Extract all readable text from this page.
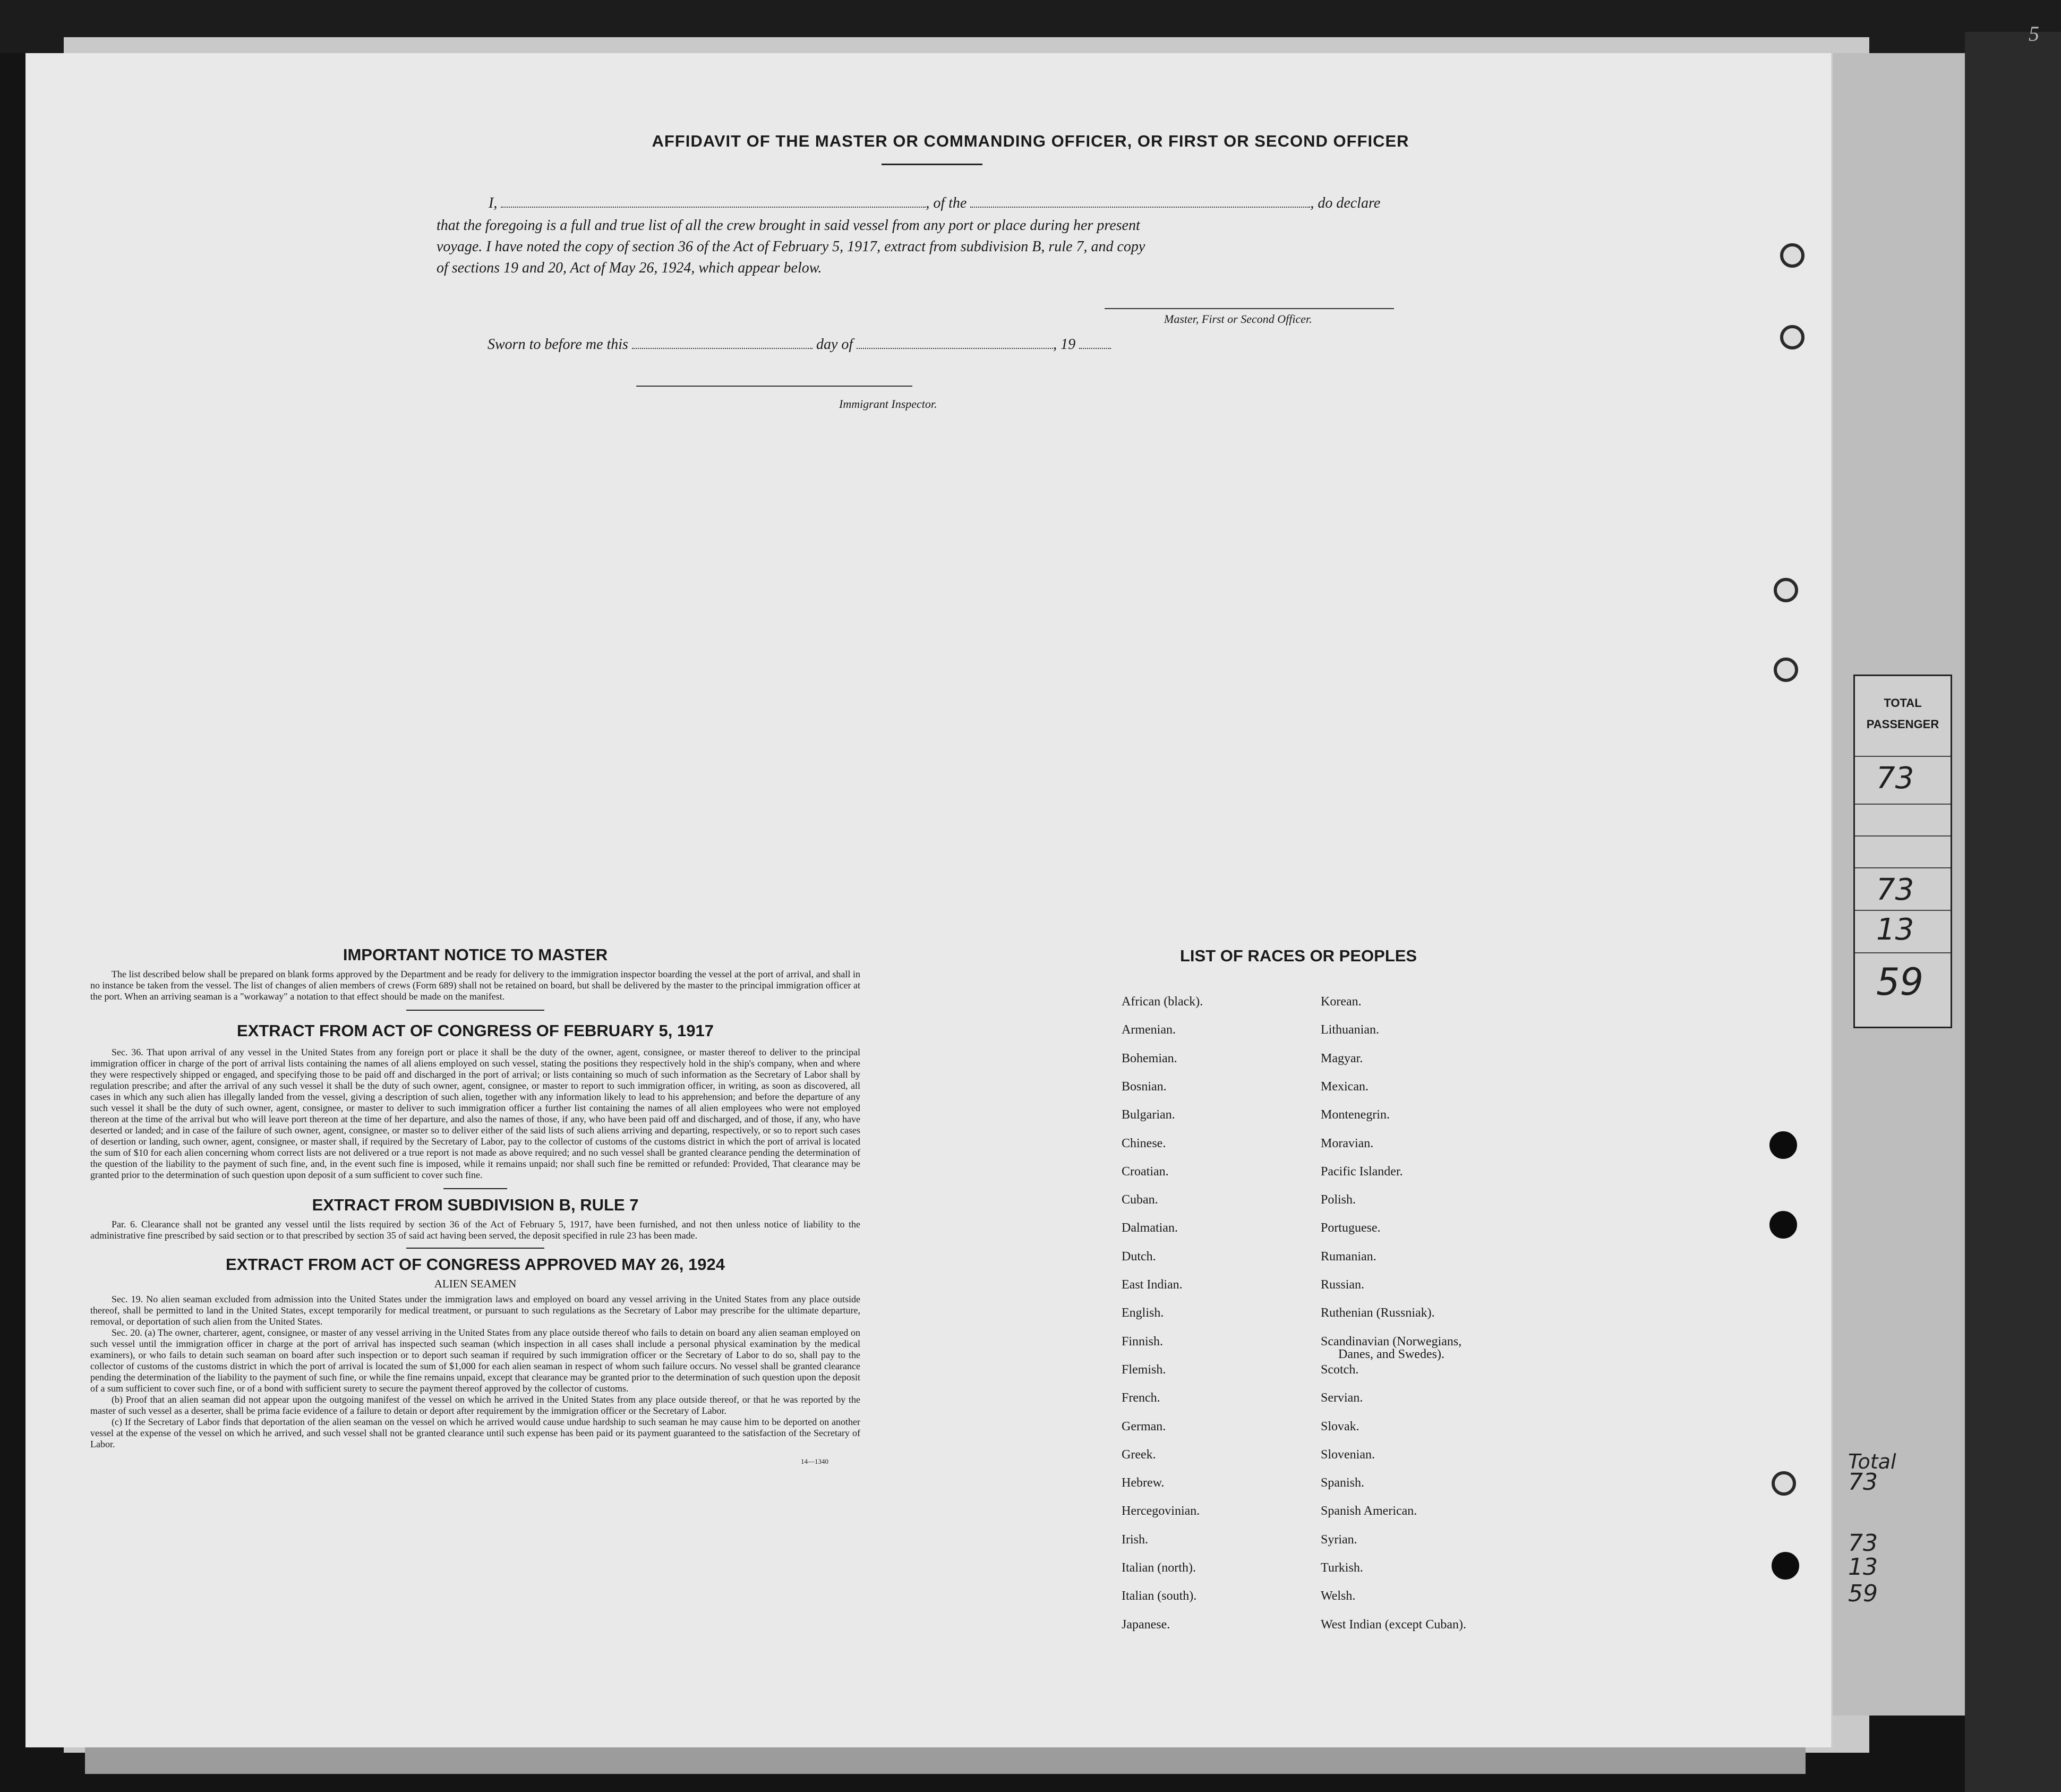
5
TOTAL
PASSENGER
73
73
13
59
Total
73
73
13
59
AFFIDAVIT OF THE MASTER OR COMMANDING OFFICER, OR FIRST OR SECOND OFFICER
I,	, of the	, do declare
that the foregoing is a full and true list of all the crew brought in said vessel from any port or place during her present
voyage. I have noted the copy of section 36 of the Act of February 5, 1917, extract from subdivision B, rule 7, and copy
of sections 19 and 20, Act of May 26, 1924, which appear below.
Master, First or Second Officer.
Sworn to before me this	day of	, 19
Immigrant Inspector.
IMPORTANT NOTICE TO MASTER

The list described below shall be prepared on blank forms approved by the Department and be ready for delivery to the immigration inspector boarding the vessel at the port of arrival, and shall in no instance be taken from the vessel. The list of changes of alien members of crews (Form 689) shall not be retained on board, but shall be delivered by the master to the principal immigration officer at the port. When an arriving seaman is a "workaway" a notation to that effect should be made on the manifest.

EXTRACT FROM ACT OF CONGRESS OF FEBRUARY 5, 1917

Sec. 36. That upon arrival of any vessel in the United States from any foreign port or place it shall be the duty of the owner, agent, consignee, or master thereof to deliver to the principal immigration officer in charge of the port of arrival lists containing the names of all aliens employed on such vessel, stating the positions they respectively hold in the ship's company, when and where they were respectively shipped or engaged, and specifying those to be paid off and discharged in the port of arrival; or lists containing so much of such information as the Secretary of Labor shall by regulation prescribe; and after the arrival of any such vessel it shall be the duty of such owner, agent, consignee, or master to report to such immigration officer, in writing, as soon as discovered, all cases in which any such alien has illegally landed from the vessel, giving a description of such alien, together with any information likely to lead to his apprehension; and before the departure of any such vessel it shall be the duty of such owner, agent, consignee, or master to deliver to such immigration officer a further list containing the names of all alien employees who were not employed thereon at the time of the arrival but who will leave port thereon at the time of her departure, and also the names of those, if any, who have been paid off and discharged, and of those, if any, who have deserted or landed; and in case of the failure of such owner, agent, consignee, or master so to deliver either of the said lists of such aliens arriving and departing, respectively, or so to report such cases of desertion or landing, such owner, agent, consignee, or master shall, if required by the Secretary of Labor, pay to the collector of customs of the customs district in which the port of arrival is located the sum of $10 for each alien concerning whom correct lists are not delivered or a true report is not made as above required; and no such vessel shall be granted clearance pending the determination of the question of the liability to the payment of such fine, and, in the event such fine is imposed, while it remains unpaid; nor shall such fine be remitted or refunded: Provided, That clearance may be granted prior to the determination of such question upon deposit of a sum sufficient to cover such fine.

EXTRACT FROM SUBDIVISION B, RULE 7

Par. 6. Clearance shall not be granted any vessel until the lists required by section 36 of the Act of February 5, 1917, have been furnished, and not then unless notice of liability to the administrative fine prescribed by said section or to that prescribed by section 35 of said act having been served, the deposit specified in rule 23 has been made.

EXTRACT FROM ACT OF CONGRESS APPROVED MAY 26, 1924
ALIEN SEAMEN

Sec. 19. No alien seaman excluded from admission into the United States under the immigration laws and employed on board any vessel arriving in the United States from any place outside thereof, shall be permitted to land in the United States, except temporarily for medical treatment, or pursuant to such regulations as the Secretary of Labor may prescribe for the ultimate departure, removal, or deportation of such alien from the United States.

Sec. 20. (a) The owner, charterer, agent, consignee, or master of any vessel arriving in the United States from any place outside thereof who fails to detain on board any alien seaman employed on such vessel until the immigration officer in charge at the port of arrival has inspected such seaman (which inspection in all cases shall include a personal physical examination by the medical examiners), or who fails to detain such seaman on board after such inspection or to deport such seaman if required by such immigration officer or the Secretary of Labor to do so, shall pay to the collector of customs of the customs district in which the port of arrival is located the sum of $1,000 for each alien seaman in respect of whom such failure occurs. No vessel shall be granted clearance pending the determination of the liability to the payment of such fine, or while the fine remains unpaid, except that clearance may be granted prior to the determination of such question upon the deposit of a sum sufficient to cover such fine, or of a bond with sufficient surety to secure the payment thereof approved by the collector of customs.

(b) Proof that an alien seaman did not appear upon the outgoing manifest of the vessel on which he arrived in the United States from any place outside thereof, or that he was reported by the master of such vessel as a deserter, shall be prima facie evidence of a failure to detain or deport after requirement by the immigration officer or the Secretary of Labor.

(c) If the Secretary of Labor finds that deportation of the alien seaman on the vessel on which he arrived would cause undue hardship to such seaman he may cause him to be deported on another vessel at the expense of the vessel on which he arrived, and such vessel shall not be granted clearance until such expense has been paid or its payment guaranteed to the satisfaction of the Secretary of Labor.

14—1340
LIST OF RACES OR PEOPLES
African (black).
Armenian.
Bohemian.
Bosnian.
Bulgarian.
Chinese.
Croatian.
Cuban.
Dalmatian.
Dutch.
East Indian.
English.
Finnish.
Flemish.
French.
German.
Greek.
Hebrew.
Hercegovinian.
Irish.
Italian (north).
Italian (south).
Japanese.
Korean.
Lithuanian.
Magyar.
Mexican.
Montenegrin.
Moravian.
Pacific Islander.
Polish.
Portuguese.
Rumanian.
Russian.
Ruthenian (Russniak).
Scandinavian (Norwegians,
Danes, and Swedes).
Scotch.
Servian.
Slovak.
Slovenian.
Spanish.
Spanish American.
Syrian.
Turkish.
Welsh.
West Indian (except Cuban).
